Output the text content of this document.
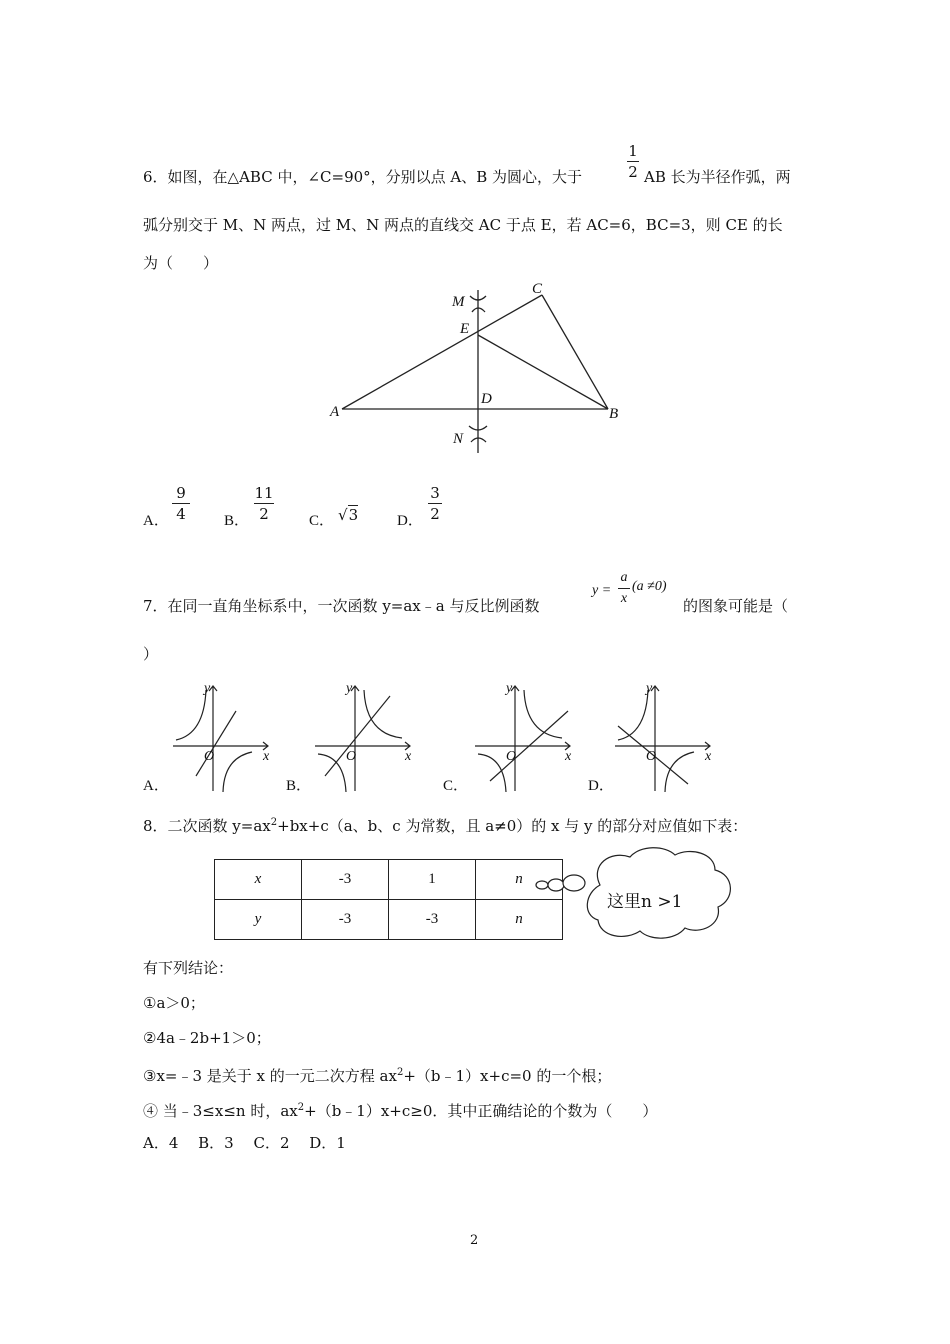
6．如图，在△ABC 中，∠C=90°，分别以点 A、B 为圆心，大于
1
2 AB 长为半径作弧，两
弧分别交于 M、N 两点，过 M、N 两点的直线交 AC 于点 E，若 AC=6，BC=3，则 CE 的长
为（　　）
M
E
C
D
A	B
N
A．
9
4	B．
11
2	C． √3	D．
3
2
7．在同一直角坐标系中，一次函数 y=ax﹣a 与反比例函数
y =
a
x
(a ≠0)
的图象可能是（
）
A．
y
x
O
B．
y
x
O
C．
y
x
O
D．
y
x
O
8．二次函数 $y=ax^2+bx+c(a$、b、c 为常数，且 a≠0）的 x 与 y 的部分对应值如下表：
x	-3	1	n
y	-3	-3	n
这里n >1
有下列结论：
①a＞0；
②4a﹣2b+1＞0；
③x=﹣3 是关于 x 的一元二次方程 $ax^2+(b﹣1)x+c=0$ 的一个根；
④ 当﹣3≤x≤n 时，$ax^2+(b﹣1)x+c\ge 0$．其中正确结论的个数为（　　）
A．4　 B．3　 C．2　 D．1
2
